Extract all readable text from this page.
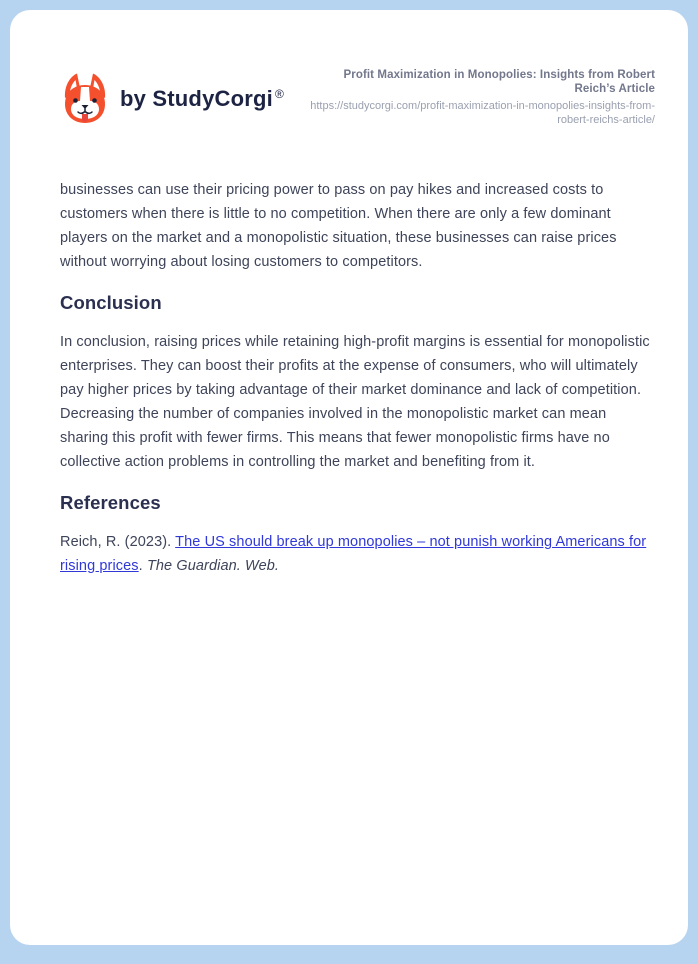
by StudyCorgi ®
Profit Maximization in Monopolies: Insights from Robert Reich’s Article
https://studycorgi.com/profit-maximization-in-monopolies-insights-from-robert-reichs-article/

businesses can use their pricing power to pass on pay hikes and increased costs to customers when there is little to no competition. When there are only a few dominant players on the market and a monopolistic situation, these businesses can raise prices without worrying about losing customers to competitors.

Conclusion

In conclusion, raising prices while retaining high-profit margins is essential for monopolistic enterprises. They can boost their profits at the expense of consumers, who will ultimately pay higher prices by taking advantage of their market dominance and lack of competition. Decreasing the number of companies involved in the monopolistic market can mean sharing this profit with fewer firms. This means that fewer monopolistic firms have no collective action problems in controlling the market and benefiting from it.

References

Reich, R. (2023). The US should break up monopolies – not punish working Americans for rising prices. The Guardian. Web.
